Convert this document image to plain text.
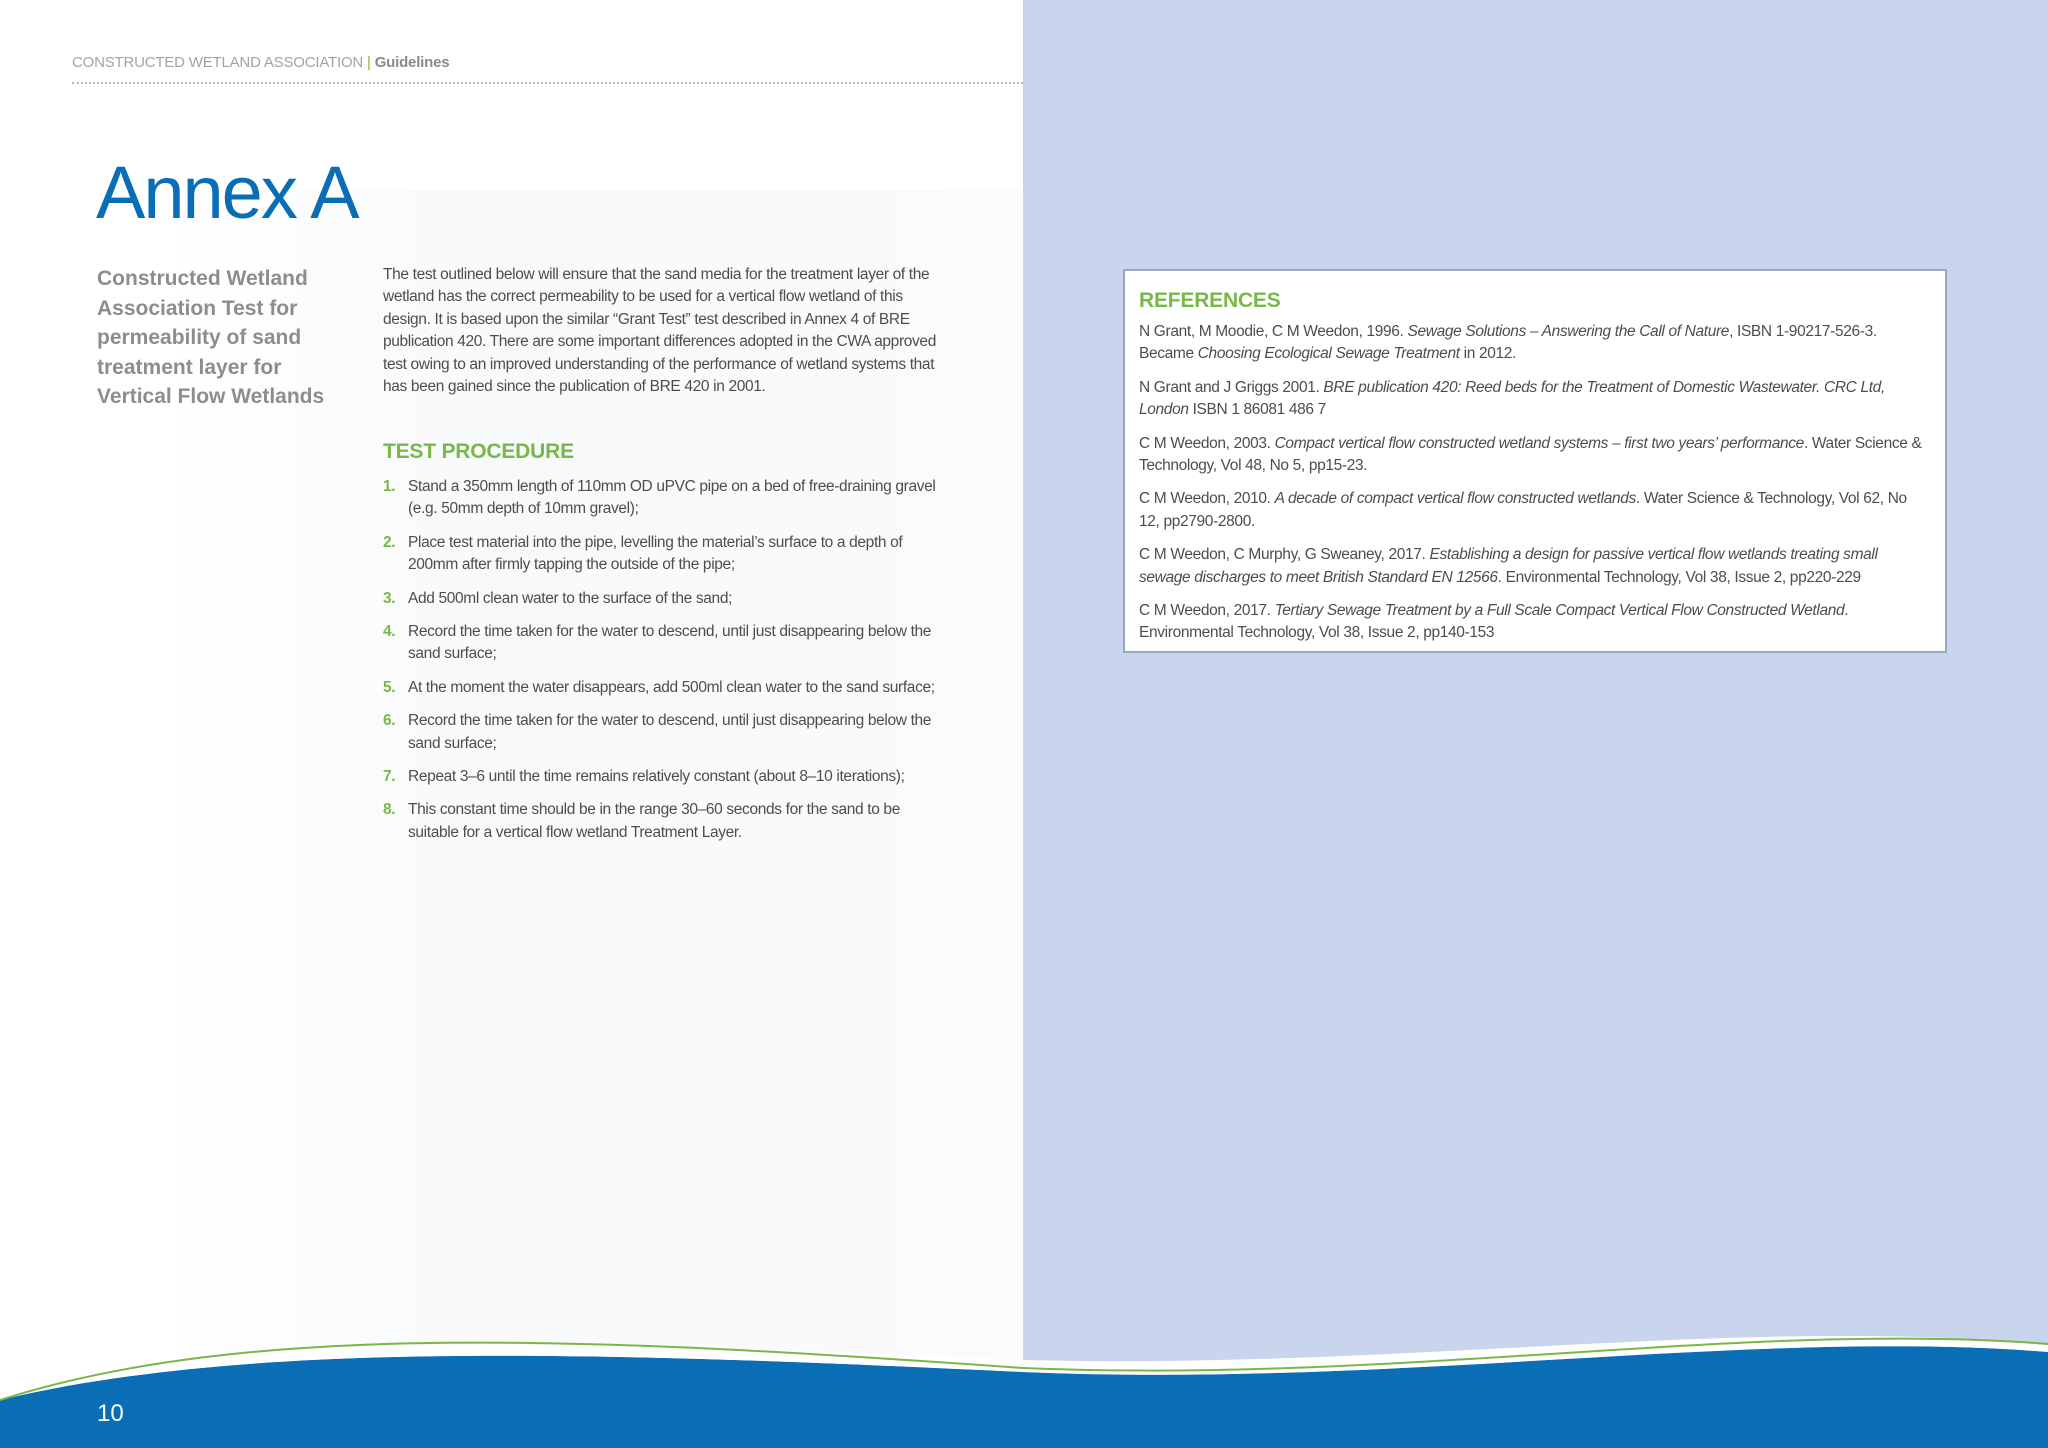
CONSTRUCTED WETLAND ASSOCIATION | Guidelines
Annex A

Constructed Wetland Association Test for permeability of sand treatment layer for Vertical Flow Wetlands

The test outlined below will ensure that the sand media for the treatment layer of the wetland has the correct permeability to be used for a vertical flow wetland of this design. It is based upon the similar “Grant Test” test described in Annex 4 of BRE publication 420. There are some important differences adopted in the CWA approved test owing to an improved understanding of the performance of wetland systems that has been gained since the publication of BRE 420 in 2001.

TEST PROCEDURE
1. Stand a 350mm length of 110mm OD uPVC pipe on a bed of free-draining gravel (e.g. 50mm depth of 10mm gravel);
2. Place test material into the pipe, levelling the material’s surface to a depth of 200mm after firmly tapping the outside of the pipe;
3. Add 500ml clean water to the surface of the sand;
4. Record the time taken for the water to descend, until just disappearing below the sand surface;
5. At the moment the water disappears, add 500ml clean water to the sand surface;
6. Record the time taken for the water to descend, until just disappearing below the sand surface;
7. Repeat 3–6 until the time remains relatively constant (about 8–10 iterations);
8. This constant time should be in the range 30–60 seconds for the sand to be suitable for a vertical flow wetland Treatment Layer.
REFERENCES

N Grant, M Moodie, C M Weedon, 1996. Sewage Solutions – Answering the Call of Nature, ISBN 1-90217-526-3. Became Choosing Ecological Sewage Treatment in 2012.

N Grant and J Griggs 2001. BRE publication 420: Reed beds for the Treatment of Domestic Wastewater. CRC Ltd, London ISBN 1 86081 486 7

C M Weedon, 2003. Compact vertical flow constructed wetland systems – first two years’ performance. Water Science & Technology, Vol 48, No 5, pp15-23.

C M Weedon, 2010. A decade of compact vertical flow constructed wetlands. Water Science & Technology, Vol 62, No 12, pp2790-2800.

C M Weedon, C Murphy, G Sweaney, 2017. Establishing a design for passive vertical flow wetlands treating small sewage discharges to meet British Standard EN 12566. Environmental Technology, Vol 38, Issue 2, pp220-229

C M Weedon, 2017. Tertiary Sewage Treatment by a Full Scale Compact Vertical Flow Constructed Wetland. Environmental Technology, Vol 38, Issue 2, pp140-153

10
